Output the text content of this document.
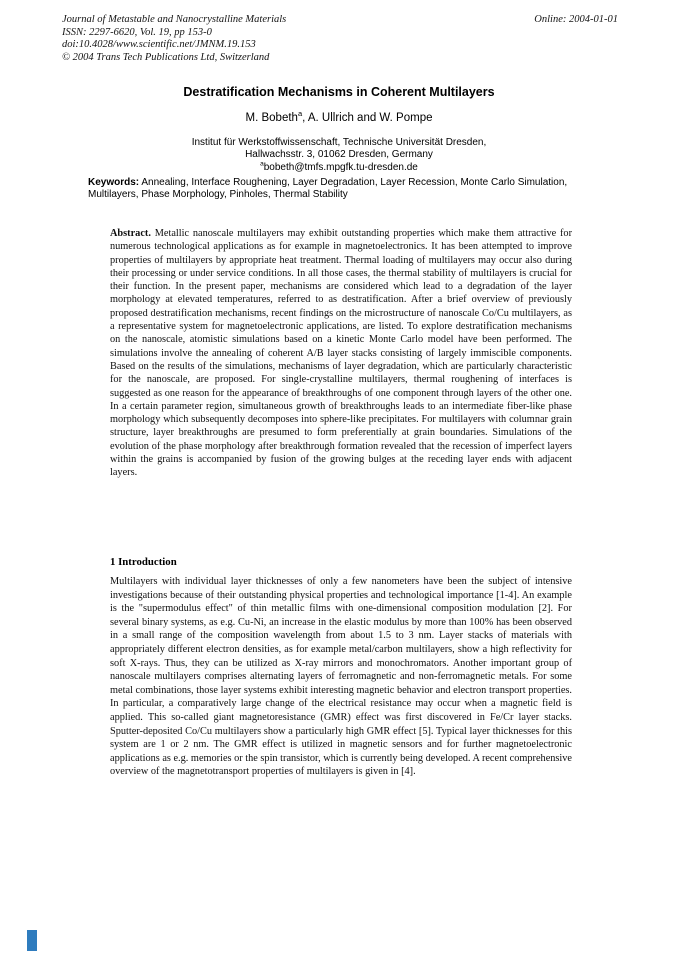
Journal of Metastable and Nanocrystalline Materials	Online: 2004-01-01
ISSN: 2297-6620, Vol. 19, pp 153-0
doi:10.4028/www.scientific.net/JMNM.19.153
© 2004 Trans Tech Publications Ltd, Switzerland
Destratification Mechanisms in Coherent Multilayers
M. Bobeth$^a$, A. Ullrich and W. Pompe
Institut für Werkstoffwissenschaft, Technische Universität Dresden,
Hallwachsstr. 3, 01062 Dresden, Germany
$^a$bobeth@tmfs.mpgfk.tu-dresden.de
Keywords: Annealing, Interface Roughening, Layer Degradation, Layer Recession, Monte Carlo Simulation, Multilayers, Phase Morphology, Pinholes, Thermal Stability
Abstract. Metallic nanoscale multilayers may exhibit outstanding properties which make them attractive for numerous technological applications as for example in magnetoelectronics. It has been attempted to improve properties of multilayers by appropriate heat treatment. Thermal loading of multilayers may occur also during their processing or under service conditions. In all those cases, the thermal stability of multilayers is crucial for their function. In the present paper, mechanisms are considered which lead to a degradation of the layer morphology at elevated temperatures, referred to as destratification. After a brief overview of previously proposed destratification mechanisms, recent findings on the microstructure of nanoscale Co/Cu multilayers, as a representative system for magnetoelectronic applications, are listed. To explore destratification mechanisms on the nanoscale, atomistic simulations based on a kinetic Monte Carlo model have been performed. The simulations involve the annealing of coherent A/B layer stacks consisting of largely immiscible components. Based on the results of the simulations, mechanisms of layer degradation, which are particularly characteristic for the nanoscale, are proposed. For single-crystalline multilayers, thermal roughening of interfaces is suggested as one reason for the appearance of breakthroughs of one component through layers of the other one. In a certain parameter region, simultaneous growth of breakthroughs leads to an intermediate fiber-like phase morphology which subsequently decomposes into sphere-like precipitates. For multilayers with columnar grain structure, layer breakthroughs are presumed to form preferentially at grain boundaries. Simulations of the evolution of the phase morphology after breakthrough formation revealed that the recession of imperfect layers within the grains is accompanied by fusion of the growing bulges at the receding layer ends with adjacent layers.
1 Introduction
Multilayers with individual layer thicknesses of only a few nanometers have been the subject of intensive investigations because of their outstanding physical properties and technological importance [1-4]. An example is the "supermodulus effect" of thin metallic films with one-dimensional composition modulation [2]. For several binary systems, as e.g. Cu-Ni, an increase in the elastic modulus by more than 100% has been observed in a small range of the composition wavelength from about 1.5 to 3 nm. Layer stacks of materials with appropriately different electron densities, as for example metal/carbon multilayers, show a high reflectivity for soft X-rays. Thus, they can be utilized as X-ray mirrors and monochromators. Another important group of nanoscale multilayers comprises alternating layers of ferromagnetic and non-ferromagnetic metals. For some metal combinations, those layer systems exhibit interesting magnetic behavior and electron transport properties. In particular, a comparatively large change of the electrical resistance may occur when a magnetic field is applied. This so-called giant magnetoresistance (GMR) effect was first discovered in Fe/Cr layer stacks. Sputter-deposited Co/Cu multilayers show a particularly high GMR effect [5]. Typical layer thicknesses for this system are 1 or 2 nm. The GMR effect is utilized in magnetic sensors and for further magnetoelectronic applications as e.g. memories or the spin transistor, which is currently being developed. A recent comprehensive overview of the magnetotransport properties of multilayers is given in [4].
